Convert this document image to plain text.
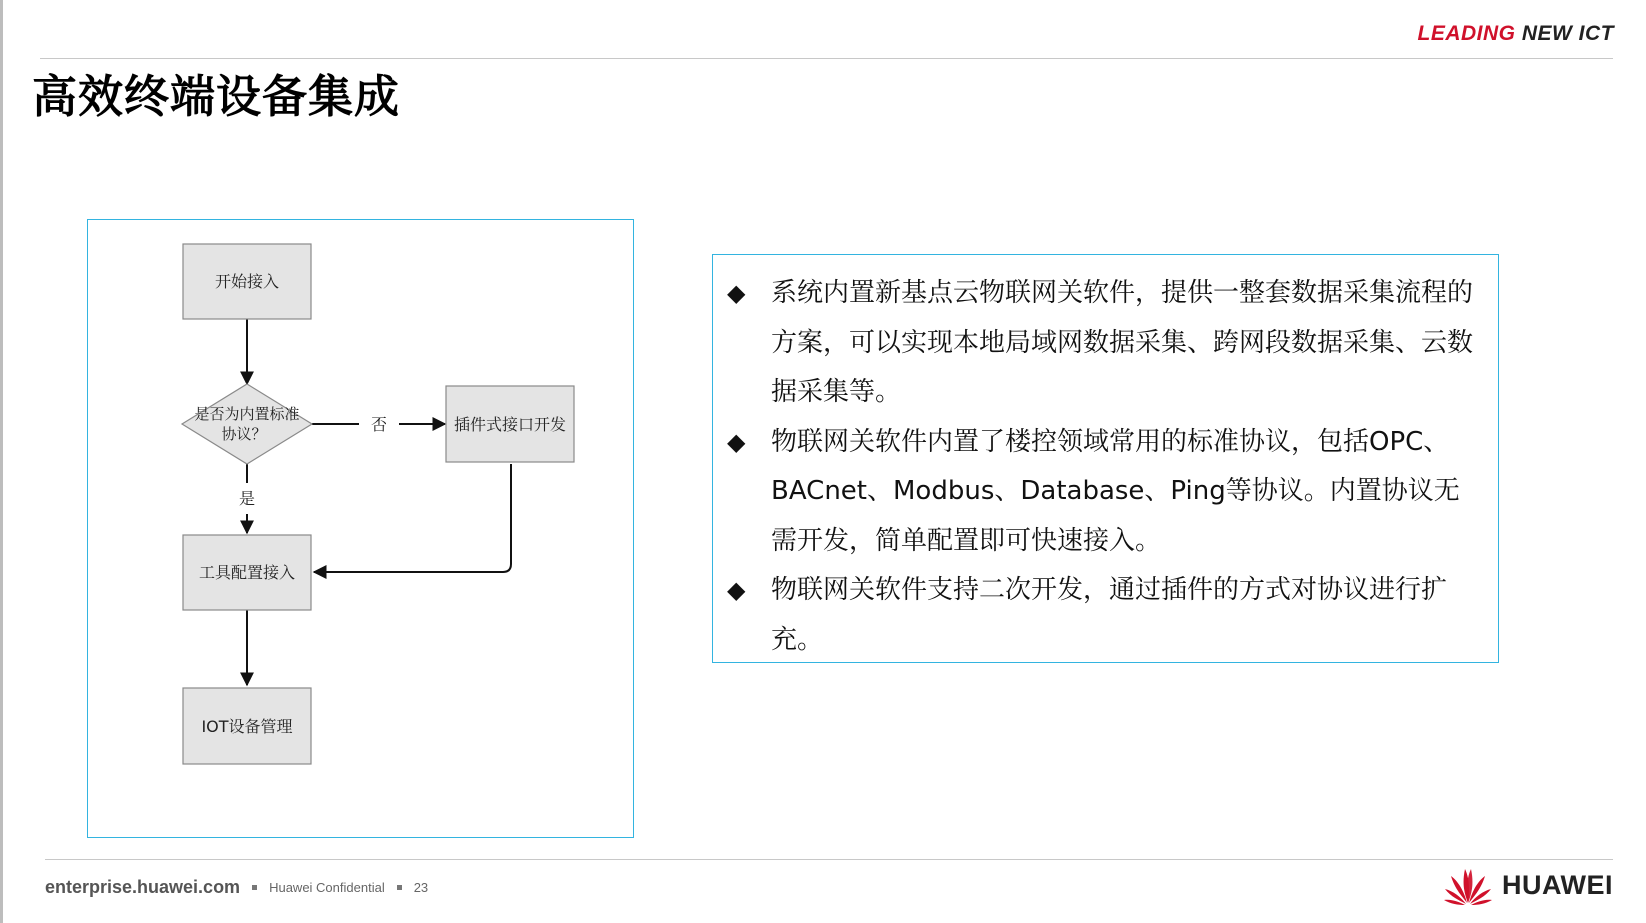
LEADING NEW ICT
高效终端设备集成
开始接入
是否为内置标准
协议？	否
是
插件式接口开发
工具配置接入
IOT设备管理
◆ 系统内置新基点云物联网关软件，提供一整套数据采集流程的方案，可以实现本地局域网数据采集、跨网段数据采集、云数据采集等。
◆ 物联网关软件内置了楼控领域常用的标准协议，包括OPC、BACnet、Modbus、Database、Ping等协议。内置协议无需开发，简单配置即可快速接入。
◆ 物联网关软件支持二次开发，通过插件的方式对协议进行扩充。
enterprise.huawei.com Huawei Confidential 23	HUAWEI
